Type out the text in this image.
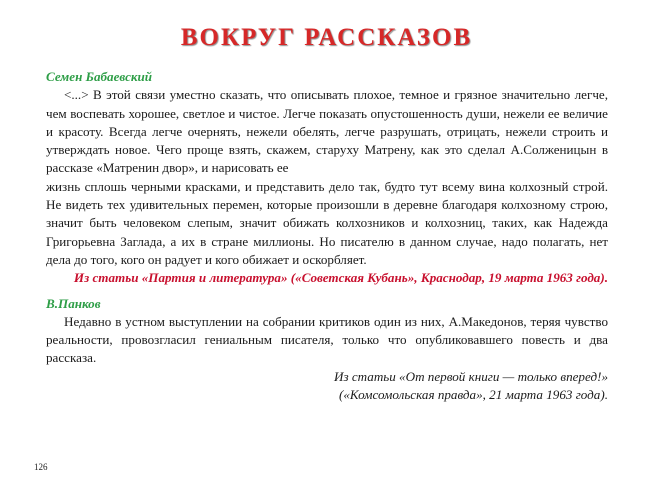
ВОКРУГ РАССКАЗОВ
Семен Бабаевский

<...> В этой связи уместно сказать, что описывать плохое, темное и грязное значительно легче, чем воспевать хорошее, светлое и чистое. Легче показать опустошенность души, нежели ее величие и красоту. Всегда легче очернять, нежели обелять, легче разрушать, отрицать, нежели строить и утверждать новое. Чего проще взять, скажем, старуху Матрену, как это сделал А.Солженицын в рассказе «Матренин двор», и нарисовать ее

жизнь сплошь черными красками, и представить дело так, будто тут всему вина колхозный строй. Не видеть тех удивительных перемен, которые произошли в деревне благодаря колхозному строю, значит быть человеком слепым, значит обижать колхозников и колхозниц, таких, как Надежда Григорьевна Заглада, а их в стране миллионы. Но писателю в данном случае, надо полагать, нет дела до того, кого он радует и кого обижает и оскорбляет.

Из статьи «Партия и литература» («Советская Кубань», Краснодар, 19 марта 1963 года).

В.Панков

Недавно в устном выступлении на собрании критиков один из них, А.Македонов, теряя чувство реальности, провозгласил гениальным писателя, только что опубликовавшего повесть и два рассказа.

Из статьи «От первой книги — только вперед!»

(«Комсомольская правда», 21 марта 1963 года).

126
